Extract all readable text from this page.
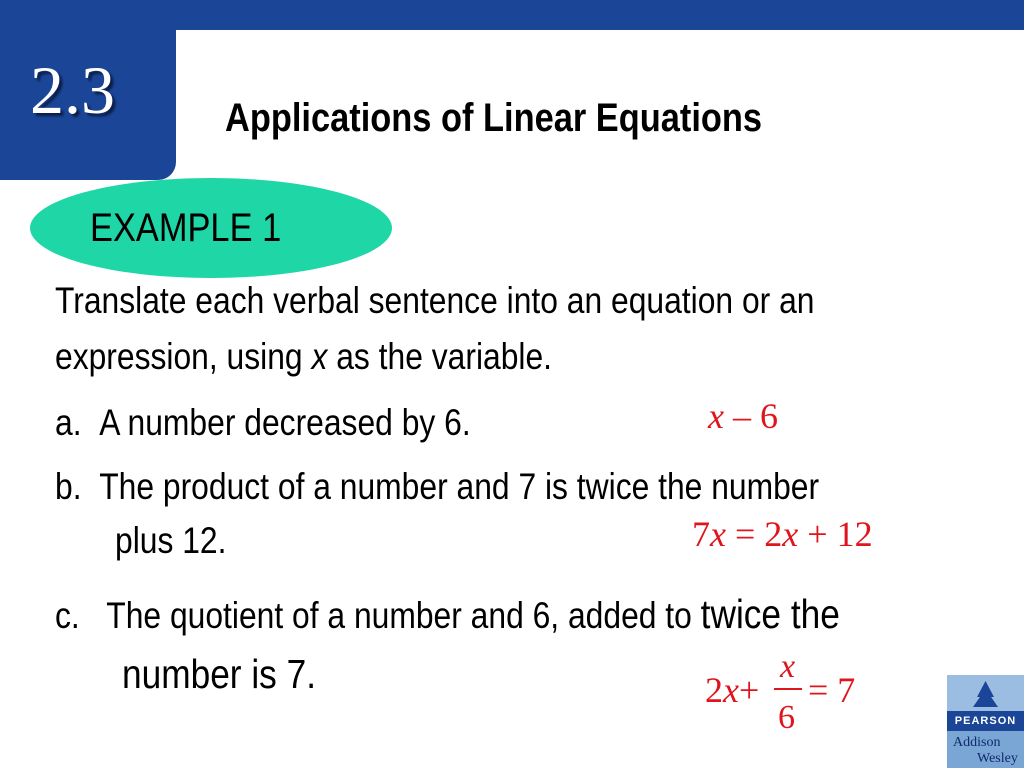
2.3	Applications of Linear Equations
EXAMPLE 1
Translate each verbal sentence into an equation or an
expression, using x as the variable.
a. A number decreased by 6.	x – 6
b. The product of a number and 7 is twice the number
plus 12.	7x = 2x + 12
c. The quotient of a number and 6, added to twice the
number is 7.	2x+
x
6
= 7
PEARSON
Addison
Wesley
